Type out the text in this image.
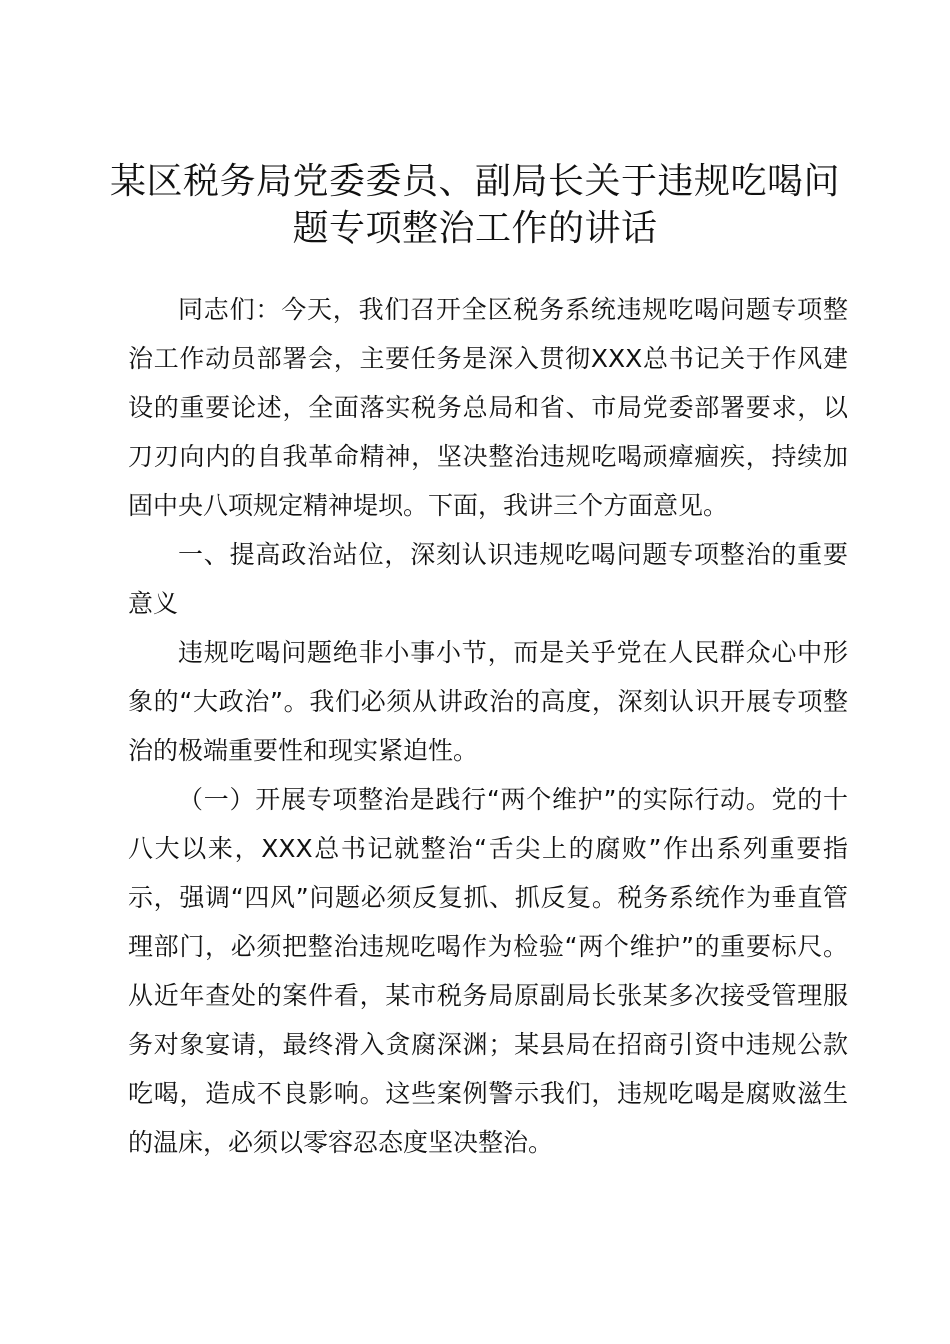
某区税务局党委委员、副局长关于违规吃喝问题专项整治工作的讲话

同志们：今天，我们召开全区税务系统违规吃喝问题专项整治工作动员部署会，主要任务是深入贯彻XXX总书记关于作风建设的重要论述，全面落实税务总局和省、市局党委部署要求，以刀刃向内的自我革命精神，坚决整治违规吃喝顽瘴痼疾，持续加固中央八项规定精神堤坝。下面，我讲三个方面意见。

一、提高政治站位，深刻认识违规吃喝问题专项整治的重要意义

违规吃喝问题绝非小事小节，而是关乎党在人民群众心中形象的“大政治”。我们必须从讲政治的高度，深刻认识开展专项整治的极端重要性和现实紧迫性。

（一）开展专项整治是践行“两个维护”的实际行动。党的十八大以来，XXX总书记就整治“舌尖上的腐败”作出系列重要指示，强调“四风”问题必须反复抓、抓反复。税务系统作为垂直管理部门，必须把整治违规吃喝作为检验“两个维护”的重要标尺。从近年查处的案件看，某市税务局原副局长张某多次接受管理服务对象宴请，最终滑入贪腐深渊；某县局在招商引资中违规公款吃喝，造成不良影响。这些案例警示我们，违规吃喝是腐败滋生的温床，必须以零容忍态度坚决整治。
